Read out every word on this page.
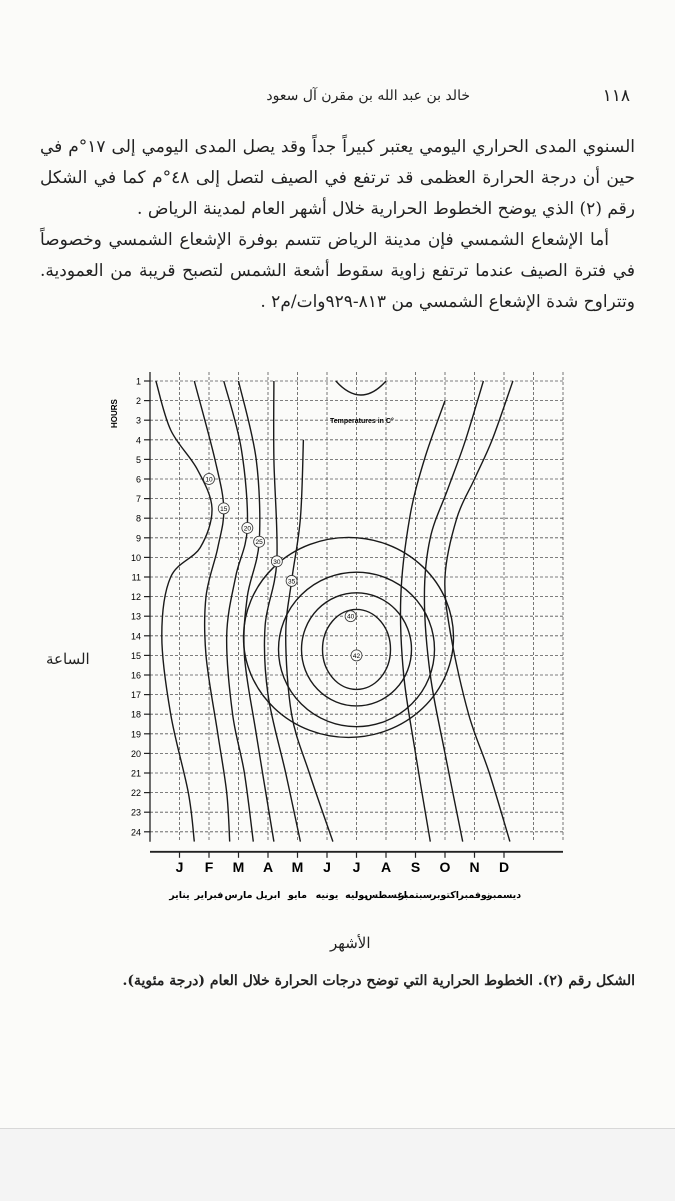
١١٨
خالد بن عبد الله بن مقرن آل سعود

السنوي المدى الحراري اليومي يعتبر كبيراً جداً وقد يصل المدى اليومي إلى ١٧°م في حين أن درجة الحرارة العظمى قد ترتفع في الصيف لتصل إلى ٤٨°م كما في الشكل رقم (٢) الذي يوضح الخطوط الحرارية خلال أشهر العام لمدينة الرياض .

أما الإشعاع الشمسي فإن مدينة الرياض تتسم بوفرة الإشعاع الشمسي وخصوصاً في فترة الصيف عندما ترتفع زاوية سقوط أشعة الشمس لتصبح قريبة من العمودية. وتتراوح شدة الإشعاع الشمسي من ٨١٣-٩٢٩وات/م٢ .

1
2
3
4
5
6
7
8
9
10
11
12
13
14
15
16
17
18
19
20
21
22
23
24
HOURS	Temperatures in C°
J
يناير
F
فبراير
M
مارس
A
ابريل
M
مايو
J
يونيه
J
يوليه
A
اغسطس
S
سبتمبر
O
اكتوبر
N
نوفمبر
D
ديسمبر
10
15
20
25
30
35
40
42
الساعة
الأشهر

الشكل رقم (٢). الخطوط الحرارية التي توضح درجات الحرارة خلال العام (درجة مئوية).
